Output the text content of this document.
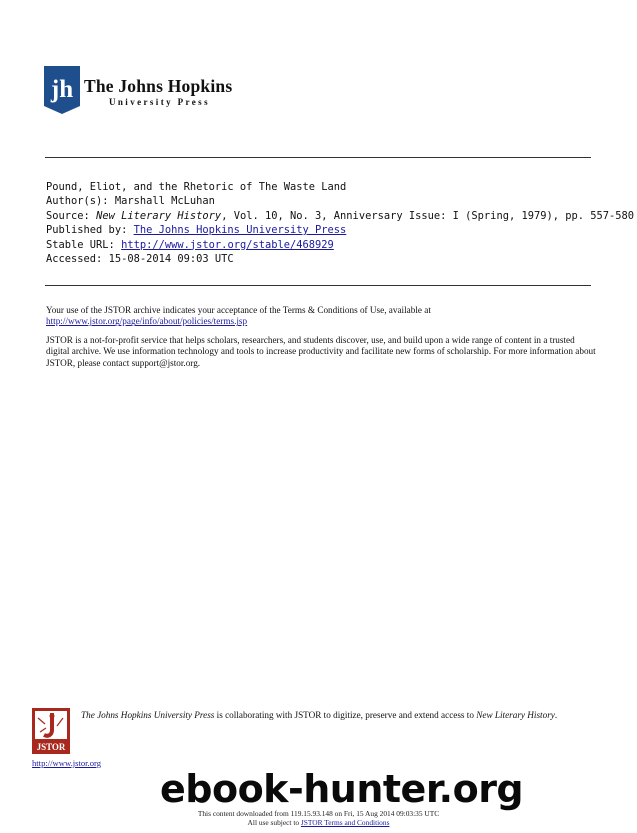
jh The Johns Hopkins
University Press
Pound, Eliot, and the Rhetoric of The Waste Land
Author(s): Marshall McLuhan
Source: New Literary History, Vol. 10, No. 3, Anniversary Issue: I (Spring, 1979), pp. 557-580
Published by: The Johns Hopkins University Press
Stable URL: http://www.jstor.org/stable/468929
Accessed: 15-08-2014 09:03 UTC

Your use of the JSTOR archive indicates your acceptance of the Terms & Conditions of Use, available at
http://www.jstor.org/page/info/about/policies/terms.jsp

JSTOR is a not-for-profit service that helps scholars, researchers, and students discover, use, and build upon a wide range of content in a trusted digital archive. We use information technology and tools to increase productivity and facilitate new forms of scholarship. For more information about JSTOR, please contact support@jstor.org.

JSTOR
The Johns Hopkins University Press is collaborating with JSTOR to digitize, preserve and extend access to New Literary History.
http://www.jstor.org
ebook-hunter.org
This content downloaded from 119.15.93.148 on Fri, 15 Aug 2014 09:03:35 UTC
All use subject to JSTOR Terms and Conditions
